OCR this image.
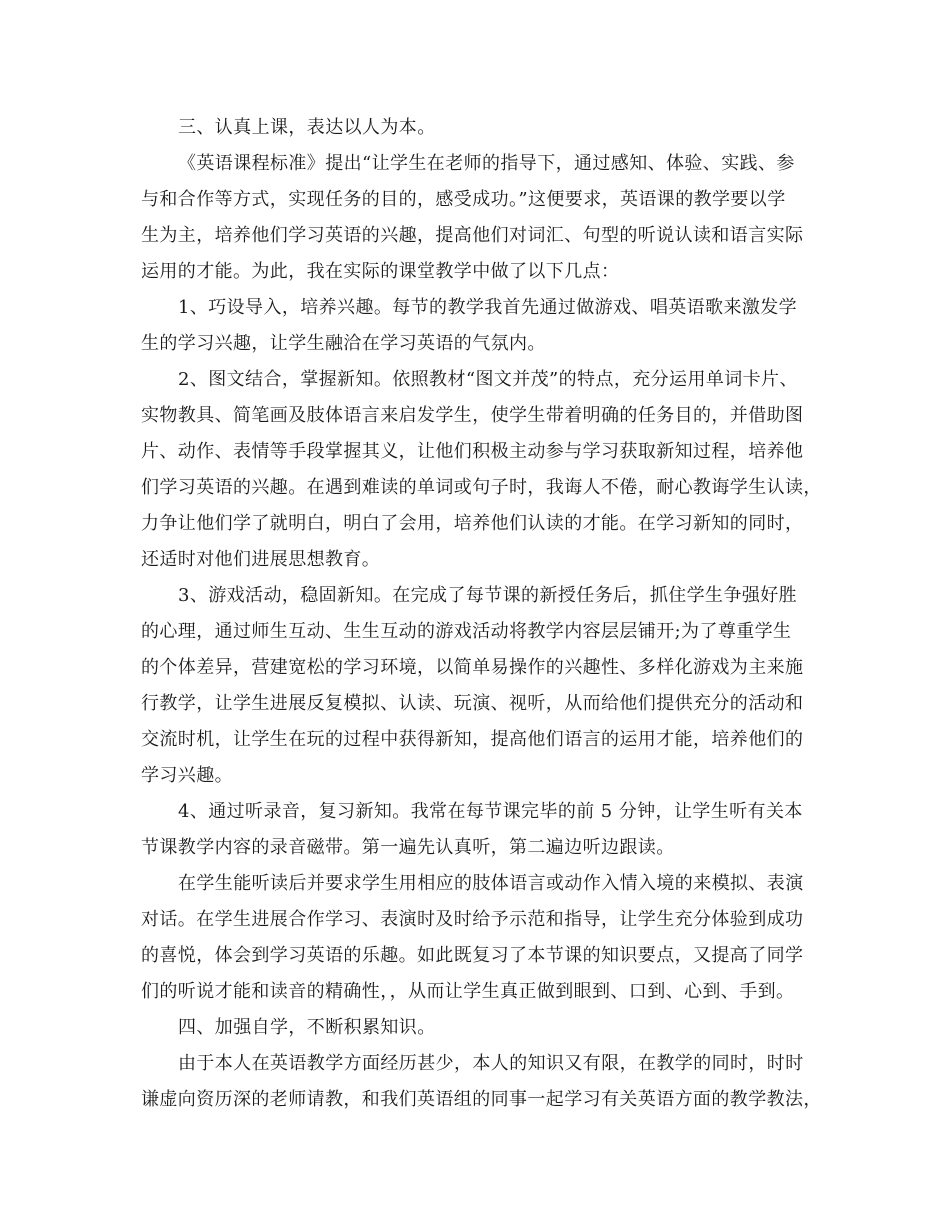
三、认真上课，表达以人为本。
《英语课程标准》提出“让学生在老师的指导下，通过感知、体验、实践、参
与和合作等方式，实现任务的目的，感受成功。”这便要求，英语课的教学要以学
生为主，培养他们学习英语的兴趣，提高他们对词汇、句型的听说认读和语言实际
运用的才能。为此，我在实际的课堂教学中做了以下几点：
1、巧设导入，培养兴趣。每节的教学我首先通过做游戏、唱英语歌来激发学
生的学习兴趣，让学生融洽在学习英语的气氛内。
2、图文结合，掌握新知。依照教材“图文并茂”的特点，充分运用单词卡片、
实物教具、简笔画及肢体语言来启发学生，使学生带着明确的任务目的，并借助图
片、动作、表情等手段掌握其义，让他们积极主动参与学习获取新知过程，培养他
们学习英语的兴趣。在遇到难读的单词或句子时，我诲人不倦，耐心教诲学生认读，
力争让他们学了就明白，明白了会用，培养他们认读的才能。在学习新知的同时，
还适时对他们进展思想教育。
3、游戏活动，稳固新知。在完成了每节课的新授任务后，抓住学生争强好胜
的心理，通过师生互动、生生互动的游戏活动将教学内容层层铺开;为了尊重学生
的个体差异，营建宽松的学习环境，以简单易操作的兴趣性、多样化游戏为主来施
行教学，让学生进展反复模拟、认读、玩演、视听，从而给他们提供充分的活动和
交流时机，让学生在玩的过程中获得新知，提高他们语言的运用才能，培养他们的
学习兴趣。
4、通过听录音，复习新知。我常在每节课完毕的前 5 分钟，让学生听有关本
节课教学内容的录音磁带。第一遍先认真听，第二遍边听边跟读。
在学生能听读后并要求学生用相应的肢体语言或动作入情入境的来模拟、表演
对话。在学生进展合作学习、表演时及时给予示范和指导，让学生充分体验到成功
的喜悦，体会到学习英语的乐趣。如此既复习了本节课的知识要点，又提高了同学
们的听说才能和读音的精确性，，从而让学生真正做到眼到、口到、心到、手到。
四、加强自学，不断积累知识。
由于本人在英语教学方面经历甚少，本人的知识又有限，在教学的同时，时时
谦虚向资历深的老师请教，和我们英语组的同事一起学习有关英语方面的教学教法，
